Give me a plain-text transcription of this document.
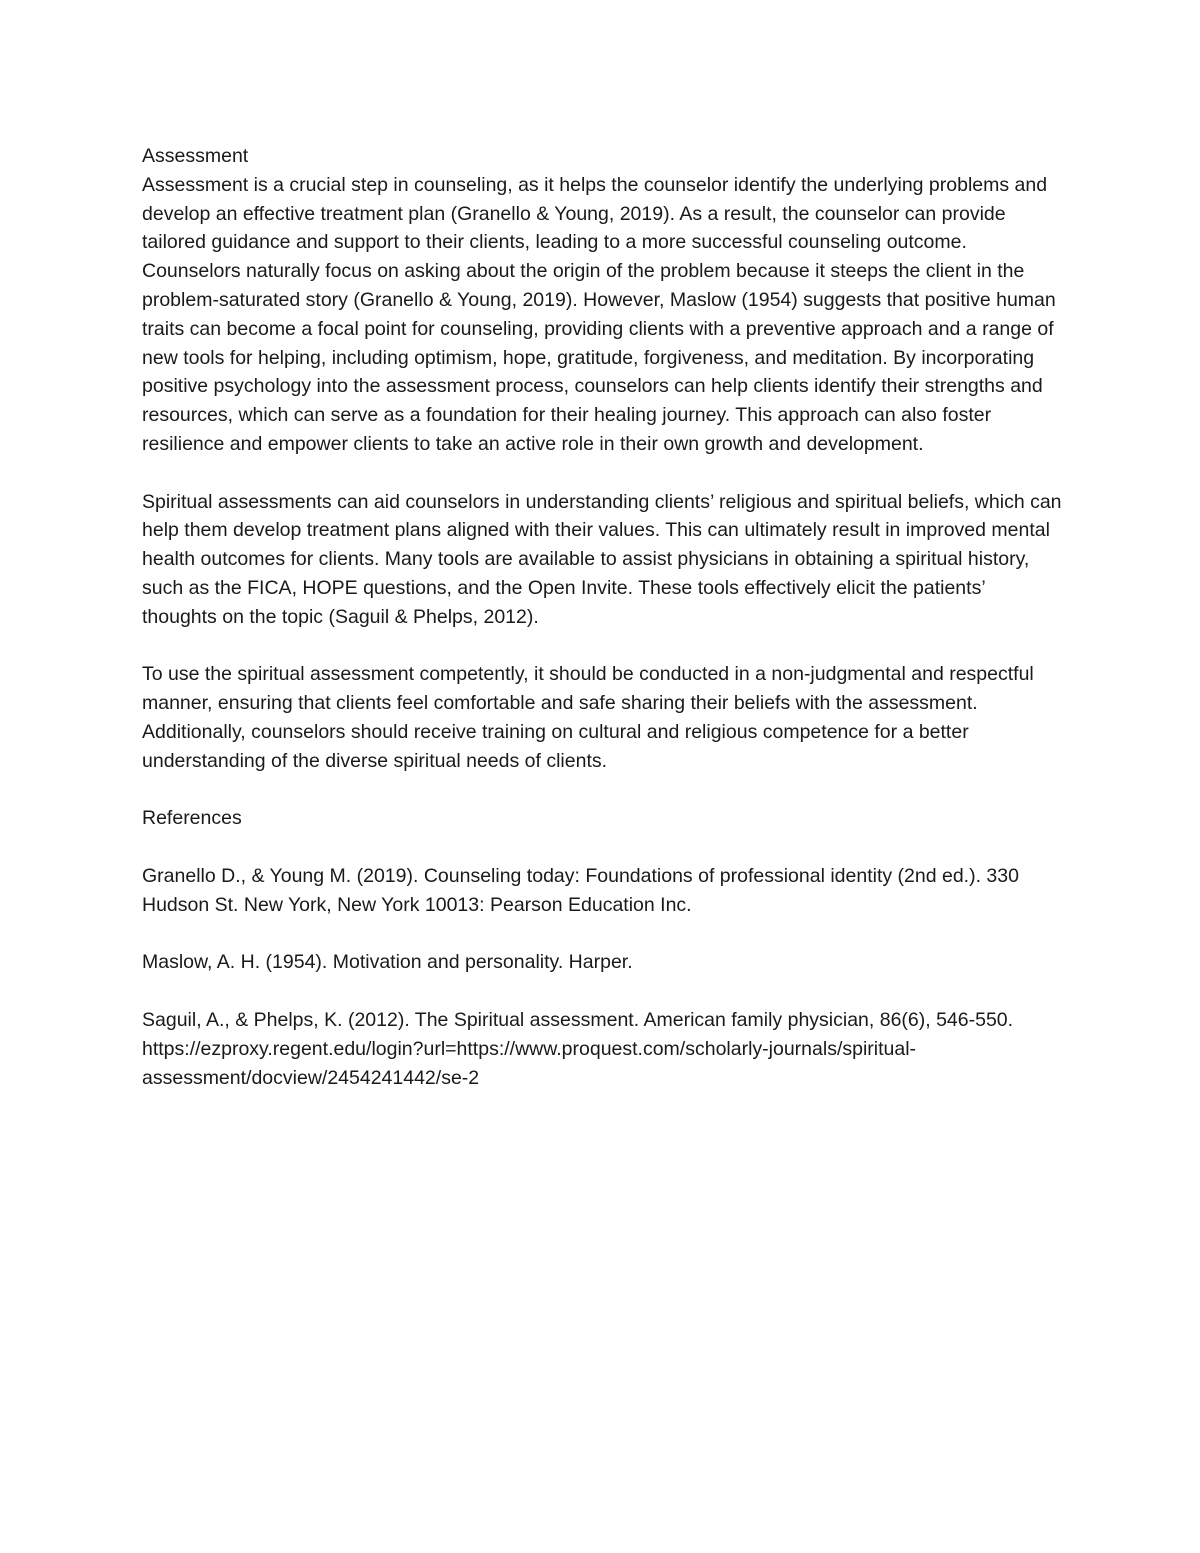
Assessment

Assessment is a crucial step in counseling, as it helps the counselor identify the underlying problems and develop an effective treatment plan (Granello & Young, 2019). As a result, the counselor can provide tailored guidance and support to their clients, leading to a more successful counseling outcome. Counselors naturally focus on asking about the origin of the problem because it steeps the client in the problem-saturated story (Granello & Young, 2019). However, Maslow (1954) suggests that positive human traits can become a focal point for counseling, providing clients with a preventive approach and a range of new tools for helping, including optimism, hope, gratitude, forgiveness, and meditation. By incorporating positive psychology into the assessment process, counselors can help clients identify their strengths and resources, which can serve as a foundation for their healing journey. This approach can also foster resilience and empower clients to take an active role in their own growth and development.

Spiritual assessments can aid counselors in understanding clients’ religious and spiritual beliefs, which can help them develop treatment plans aligned with their values. This can ultimately result in improved mental health outcomes for clients. Many tools are available to assist physicians in obtaining a spiritual history, such as the FICA, HOPE questions, and the Open Invite. These tools effectively elicit the patients’ thoughts on the topic (Saguil & Phelps, 2012).

To use the spiritual assessment competently, it should be conducted in a non-judgmental and respectful manner, ensuring that clients feel comfortable and safe sharing their beliefs with the assessment. Additionally, counselors should receive training on cultural and religious competence for a better understanding of the diverse spiritual needs of clients.

References

Granello D., & Young M. (2019). Counseling today: Foundations of professional identity (2nd ed.). 330 Hudson St. New York, New York 10013: Pearson Education Inc.

Maslow, A. H. (1954). Motivation and personality. Harper.

Saguil, A., & Phelps, K. (2012). The Spiritual assessment. American family physician, 86(6), 546-550. https://ezproxy.regent.edu/login?url=https://www.proquest.com/scholarly-journals/spiritual-assessment/docview/2454241442/se-2
